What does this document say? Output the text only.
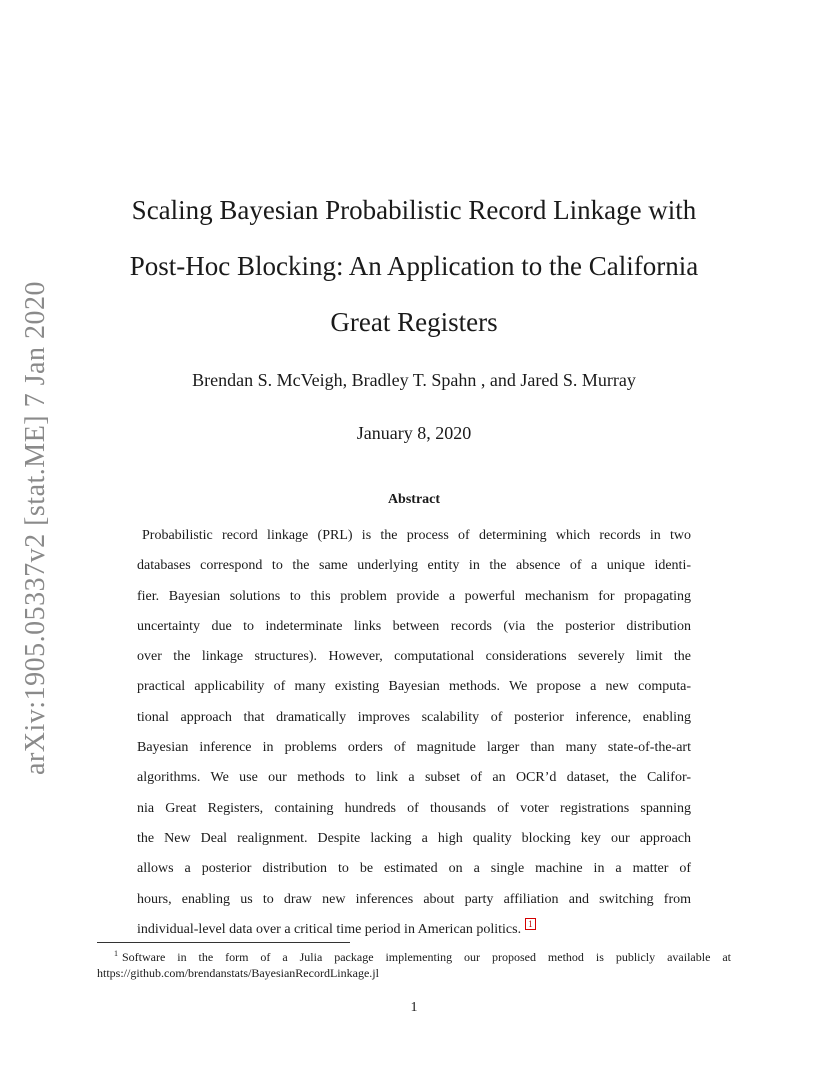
arXiv:1905.05337v2 [stat.ME] 7 Jan 2020
Scaling Bayesian Probabilistic Record Linkage with
Post-Hoc Blocking: An Application to the California
Great Registers
Brendan S. McVeigh, Bradley T. Spahn , and Jared S. Murray
January 8, 2020
Abstract
Probabilistic record linkage (PRL) is the process of determining which records in two
databases correspond to the same underlying entity in the absence of a unique identi-
fier. Bayesian solutions to this problem provide a powerful mechanism for propagating
uncertainty due to indeterminate links between records (via the posterior distribution
over the linkage structures). However, computational considerations severely limit the
practical applicability of many existing Bayesian methods. We propose a new computa-
tional approach that dramatically improves scalability of posterior inference, enabling
Bayesian inference in problems orders of magnitude larger than many state-of-the-art
algorithms. We use our methods to link a subset of an OCR’d dataset, the Califor-
nia Great Registers, containing hundreds of thousands of voter registrations spanning
the New Deal realignment. Despite lacking a high quality blocking key our approach
allows a posterior distribution to be estimated on a single machine in a matter of
hours, enabling us to draw new inferences about party affiliation and switching from
individual-level data over a critical time period in American politics. 1
$^1$ Software in the form of a Julia package implementing our proposed method is publicly available at
https://github.com/brendanstats/BayesianRecordLinkage.jl
1
